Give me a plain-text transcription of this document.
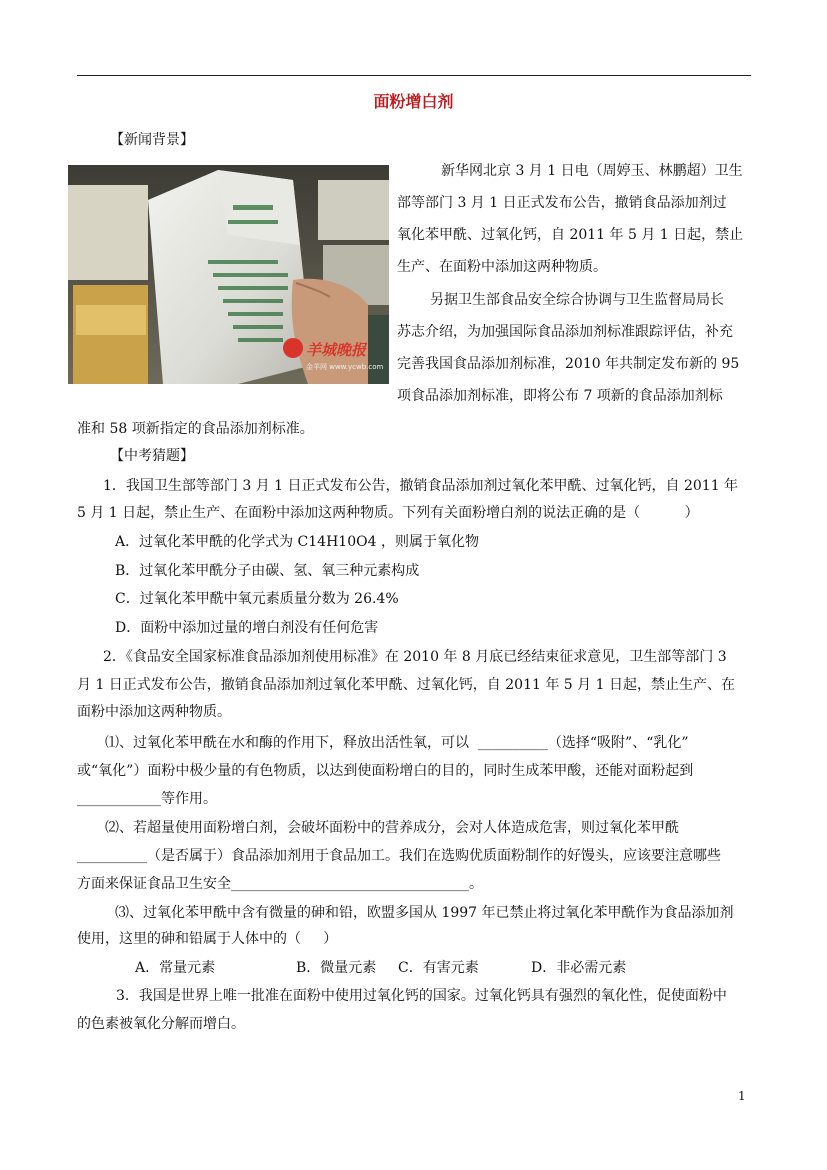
面粉增白剂
【新闻背景】
羊城晚报
金羊网 www.ycwb.com
新华网北京 3 月 1 日电（周婷玉、林鹏超）卫生
部等部门 3 月 1 日正式发布公告，撤销食品添加剂过
氧化苯甲酰、过氧化钙，自 2011 年 5 月 1 日起，禁止
生产、在面粉中添加这两种物质。
另据卫生部食品安全综合协调与卫生监督局局长
苏志介绍，为加强国际食品添加剂标准跟踪评估，补充
完善我国食品添加剂标准，2010 年共制定发布新的 95
项食品添加剂标准，即将公布 7 项新的食品添加剂标
准和 58 项新指定的食品添加剂标准。
【中考猜题】
1．我国卫生部等部门 3 月 1 日正式发布公告，撤销食品添加剂过氧化苯甲酰、过氧化钙，自 2011 年
5 月 1 日起，禁止生产、在面粉中添加这两种物质。下列有关面粉增白剂的说法正确的是（          ）
A．过氧化苯甲酰的化学式为 C14H10O4 ，则属于氧化物
B．过氧化苯甲酰分子由碳、氢、氧三种元素构成
C．过氧化苯甲酰中氧元素质量分数为 26.4%
D．面粉中添加过量的增白剂没有任何危害
2．《食品安全国家标准食品添加剂使用标准》在 2010 年 8 月底已经结束征求意见，卫生部等部门 3
月 1 日正式发布公告，撤销食品添加剂过氧化苯甲酰、过氧化钙，自 2011 年 5 月 1 日起，禁止生产、在
面粉中添加这两种物质。
⑴、过氧化苯甲酰在水和酶的作用下，释放出活性氧，可以  __________（选择“吸附”、“乳化”
或“氧化”）面粉中极少量的有色物质，以达到使面粉增白的目的，同时生成苯甲酸，还能对面粉起到
____________等作用。
⑵、若超量使用面粉增白剂，会破坏面粉中的营养成分，会对人体造成危害，则过氧化苯甲酰
__________（是否属于）食品添加剂用于食品加工。我们在选购优质面粉制作的好馒头，应该要注意哪些
方面来保证食品卫生安全__________________________________。
⑶、过氧化苯甲酰中含有微量的砷和铅，欧盟多国从 1997 年已禁止将过氧化苯甲酰作为食品添加剂
使用，这里的砷和铅属于人体中的（     ）
A．常量元素	B．微量元素 C．有害元素	D．非必需元素
3．我国是世界上唯一批准在面粉中使用过氧化钙的国家。过氧化钙具有强烈的氧化性，促使面粉中
的色素被氧化分解而增白。
1
